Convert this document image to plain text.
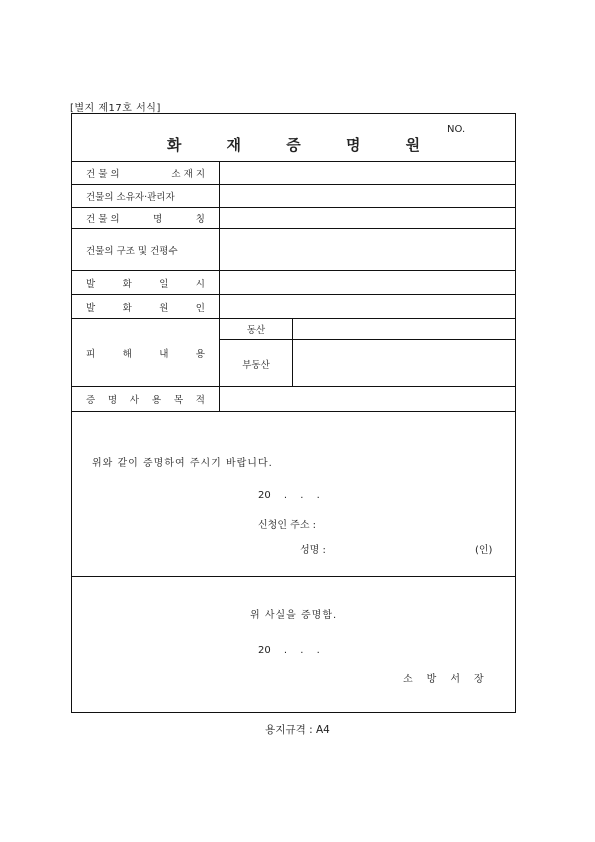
[별지 제17호 서식]
NO.
화 재 증 명 원
건 물 의	소 재 지
건물의 소유자·관리자
건 물 의	명	칭
건물의 구조 및 건평수
발	화	일	시
발	화	원	인
피	해	내	용
동산
부동산
증 명 사 용 목 적
위와 같이 증명하여 주시기 바랍니다.
20 . . .
신청인 주소 :
성명 :	(인)
위 사실을 증명함.
20 . . .
소방서장
용지규격 : A4
